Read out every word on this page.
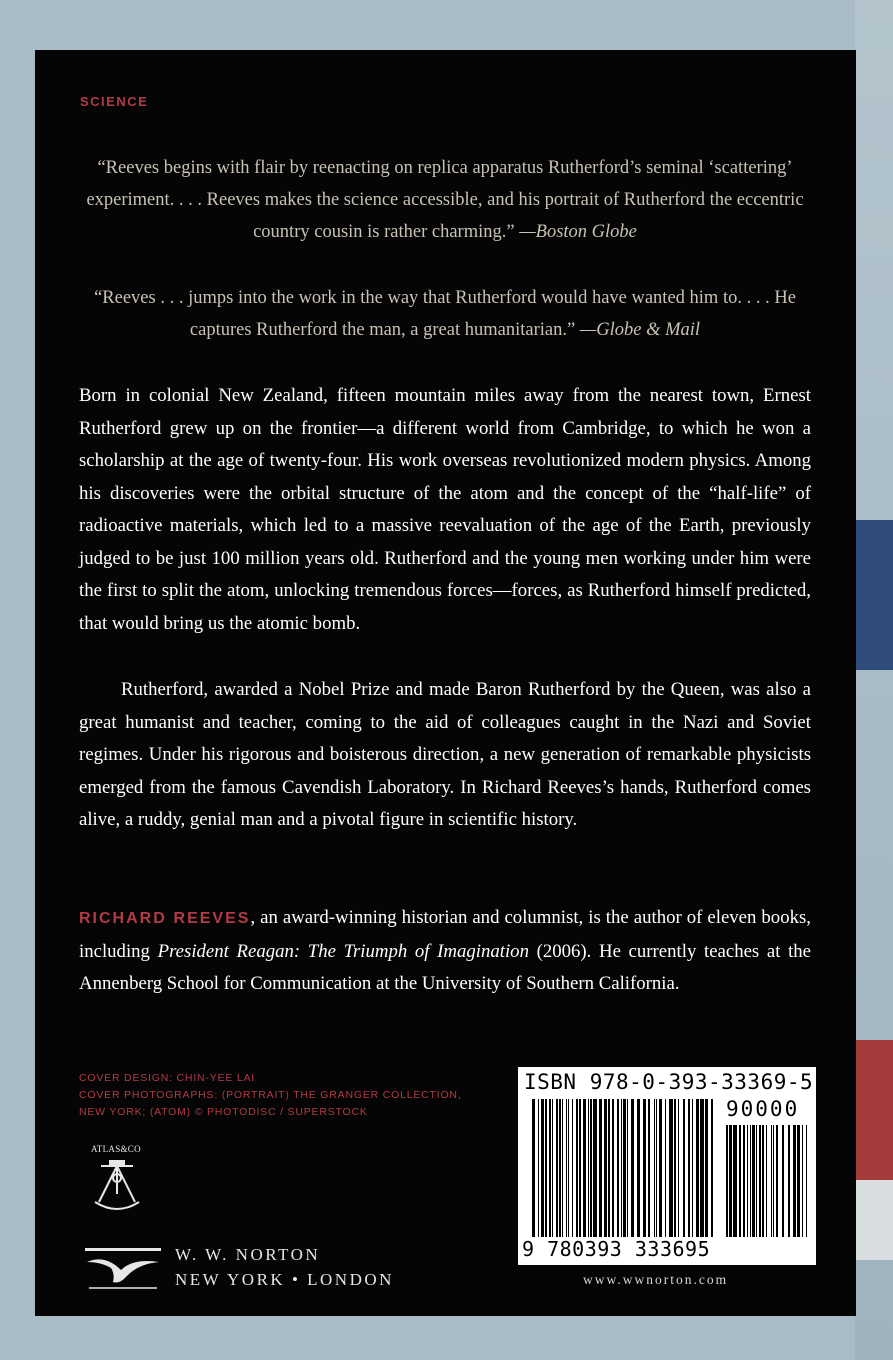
SCIENCE
“Reeves begins with flair by reenacting on replica apparatus Rutherford’s seminal ‘scattering’ experiment. . . . Reeves makes the science accessible, and his portrait of Rutherford the eccentric country cousin is rather charming.” —Boston Globe
“Reeves . . . jumps into the work in the way that Rutherford would have wanted him to. . . . He captures Rutherford the man, a great humanitarian.” —Globe & Mail

Born in colonial New Zealand, fifteen mountain miles away from the nearest town, Ernest Rutherford grew up on the frontier—a different world from Cambridge, to which he won a scholarship at the age of twenty-four. His work overseas revolutionized modern physics. Among his discoveries were the orbital structure of the atom and the concept of the “half-life” of radioactive materials, which led to a massive reevaluation of the age of the Earth, previously judged to be just 100 million years old. Rutherford and the young men working under him were the first to split the atom, unlocking tremendous forces—forces, as Rutherford himself predicted, that would bring us the atomic bomb.

Rutherford, awarded a Nobel Prize and made Baron Rutherford by the Queen, was also a great humanist and teacher, coming to the aid of colleagues caught in the Nazi and Soviet regimes. Under his rigorous and boisterous direction, a new generation of remarkable physicists emerged from the famous Cavendish Laboratory. In Richard Reeves’s hands, Rutherford comes alive, a ruddy, genial man and a pivotal figure in scientific history.

RICHARD REEVES, an award-winning historian and columnist, is the author of eleven books, including President Reagan: The Triumph of Imagination (2006). He currently teaches at the Annenberg School for Communication at the University of Southern California.

COVER DESIGN: CHIN-YEE LAI
COVER PHOTOGRAPHS: (PORTRAIT) THE GRANGER COLLECTION, NEW YORK; (ATOM) © PHOTODISC / SUPERSTOCK
ATLAS&CO
W. W. NORTON
NEW YORK • LONDON
ISBN 978-0-393-33369-5
90000
9 780393 333695
www.wwnorton.com
